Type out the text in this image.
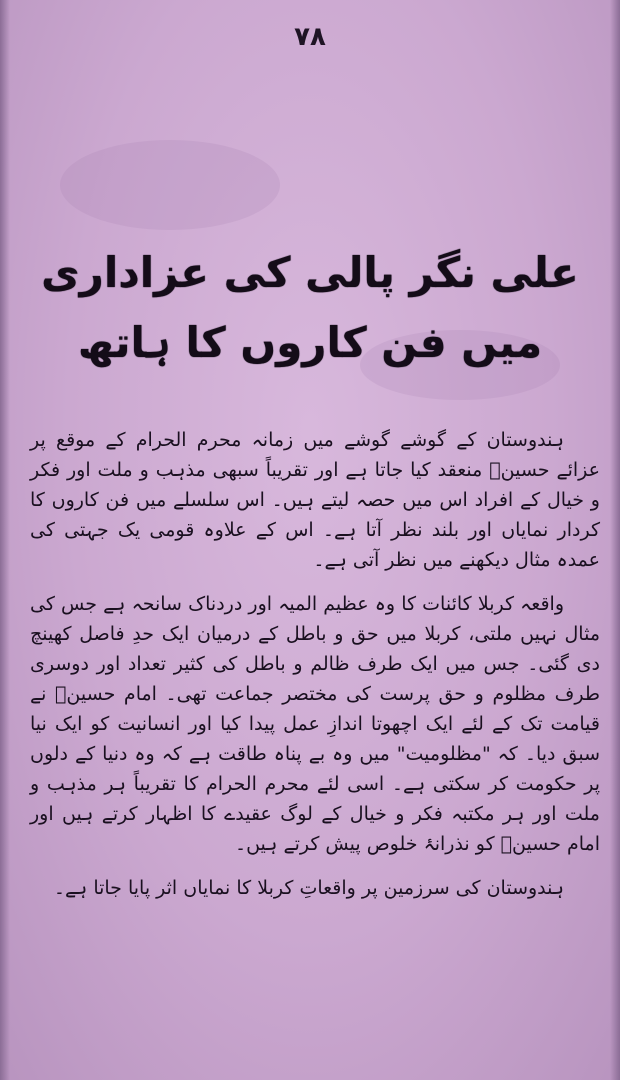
۷۸
علی نگر پالی کی عزاداری میں فن کاروں کا ہاتھ

ہندوستان کے گوشے گوشے میں زمانہ محرم الحرام کے موقع پر عزائے حسینؑ منعقد کیا جاتا ہے اور تقریباً سبھی مذہب و ملت اور فکر و خیال کے افراد اس میں حصہ لیتے ہیں۔ اس سلسلے میں فن کاروں کا کردار نمایاں اور بلند نظر آتا ہے۔ اس کے علاوہ قومی یک جہتی کی عمدہ مثال دیکھنے میں نظر آتی ہے۔

واقعہ کربلا کائنات کا وہ عظیم المیہ اور دردناک سانحہ ہے جس کی مثال نہیں ملتی، کربلا میں حق و باطل کے درمیان ایک حدِ فاصل کھینچ دی گئی۔ جس میں ایک طرف ظالم و باطل کی کثیر تعداد اور دوسری طرف مظلوم و حق پرست کی مختصر جماعت تھی۔ امام حسینؑ نے قیامت تک کے لئے ایک اچھوتا اندازِ عمل پیدا کیا اور انسانیت کو ایک نیا سبق دیا۔ کہ "مظلومیت" میں وہ بے پناہ طاقت ہے کہ وہ دنیا کے دلوں پر حکومت کر سکتی ہے۔ اسی لئے محرم الحرام کا تقریباً ہر مذہب و ملت اور ہر مکتبہ فکر و خیال کے لوگ عقیدے کا اظہار کرتے ہیں اور امام حسینؑ کو نذرانۂ خلوص پیش کرتے ہیں۔

ہندوستان کی سرزمین پر واقعاتِ کربلا کا نمایاں اثر پایا جاتا ہے۔
